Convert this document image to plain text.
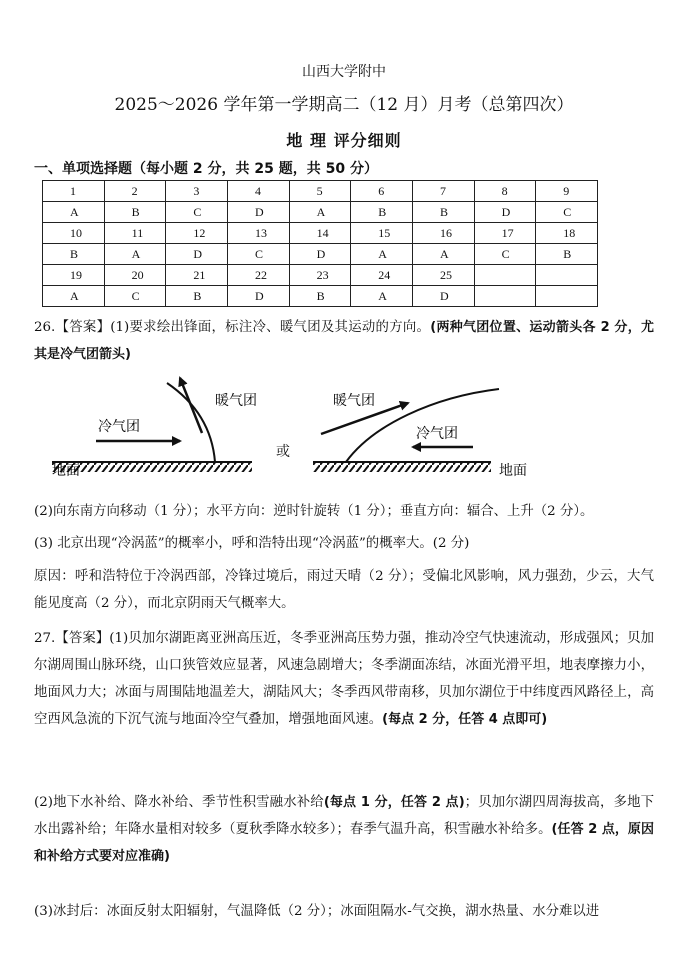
山西大学附中
2025～2026 学年第一学期高二（12 月）月考（总第四次）
地 理 评分细则
一、单项选择题（每小题 2 分，共 25 题，共 50 分）
1	2	3	4	5	6	7	8	9
A	B	C	D	A	B	B	D	C
10	11	12	13	14	15	16	17	18
B	A	D	C	D	A	A	C	B
19	20	21	22	23	24	25		
A	C	B	D	B	A	D		
26.【答案】(1)要求绘出锋面，标注冷、暖气团及其运动的方向。(两种气团位置、运动箭头各 2 分，尤其是冷气团箭头)
暖气团
冷气团
地面
或
暖气团
冷气团
地面
(2)向东南方向移动（1 分）；水平方向：逆时针旋转（1 分）；垂直方向：辐合、上升（2 分）。
(3) 北京出现“冷涡蓝”的概率小，呼和浩特出现“冷涡蓝”的概率大。(2 分)
原因：呼和浩特位于冷涡西部，冷锋过境后，雨过天晴（2 分）；受偏北风影响，风力强劲，少云，大气能见度高（2 分），而北京阴雨天气概率大。
27.【答案】(1)贝加尔湖距离亚洲高压近，冬季亚洲高压势力强，推动冷空气快速流动，形成强风；贝加尔湖周围山脉环绕，山口狭管效应显著，风速急剧增大；冬季湖面冻结，冰面光滑平坦，地表摩擦力小，地面风力大；冰面与周围陆地温差大，湖陆风大；冬季西风带南移，贝加尔湖位于中纬度西风路径上，高空西风急流的下沉气流与地面冷空气叠加，增强地面风速。(每点 2 分，任答 4 点即可)
(2)地下水补给、降水补给、季节性积雪融水补给(每点 1 分，任答 2 点)；贝加尔湖四周海拔高，多地下水出露补给；年降水量相对较多（夏秋季降水较多）；春季气温升高，积雪融水补给多。(任答 2 点，原因和补给方式要对应准确)
(3)冰封后：冰面反射太阳辐射，气温降低（2 分）；冰面阻隔水-气交换，湖水热量、水分难以进
